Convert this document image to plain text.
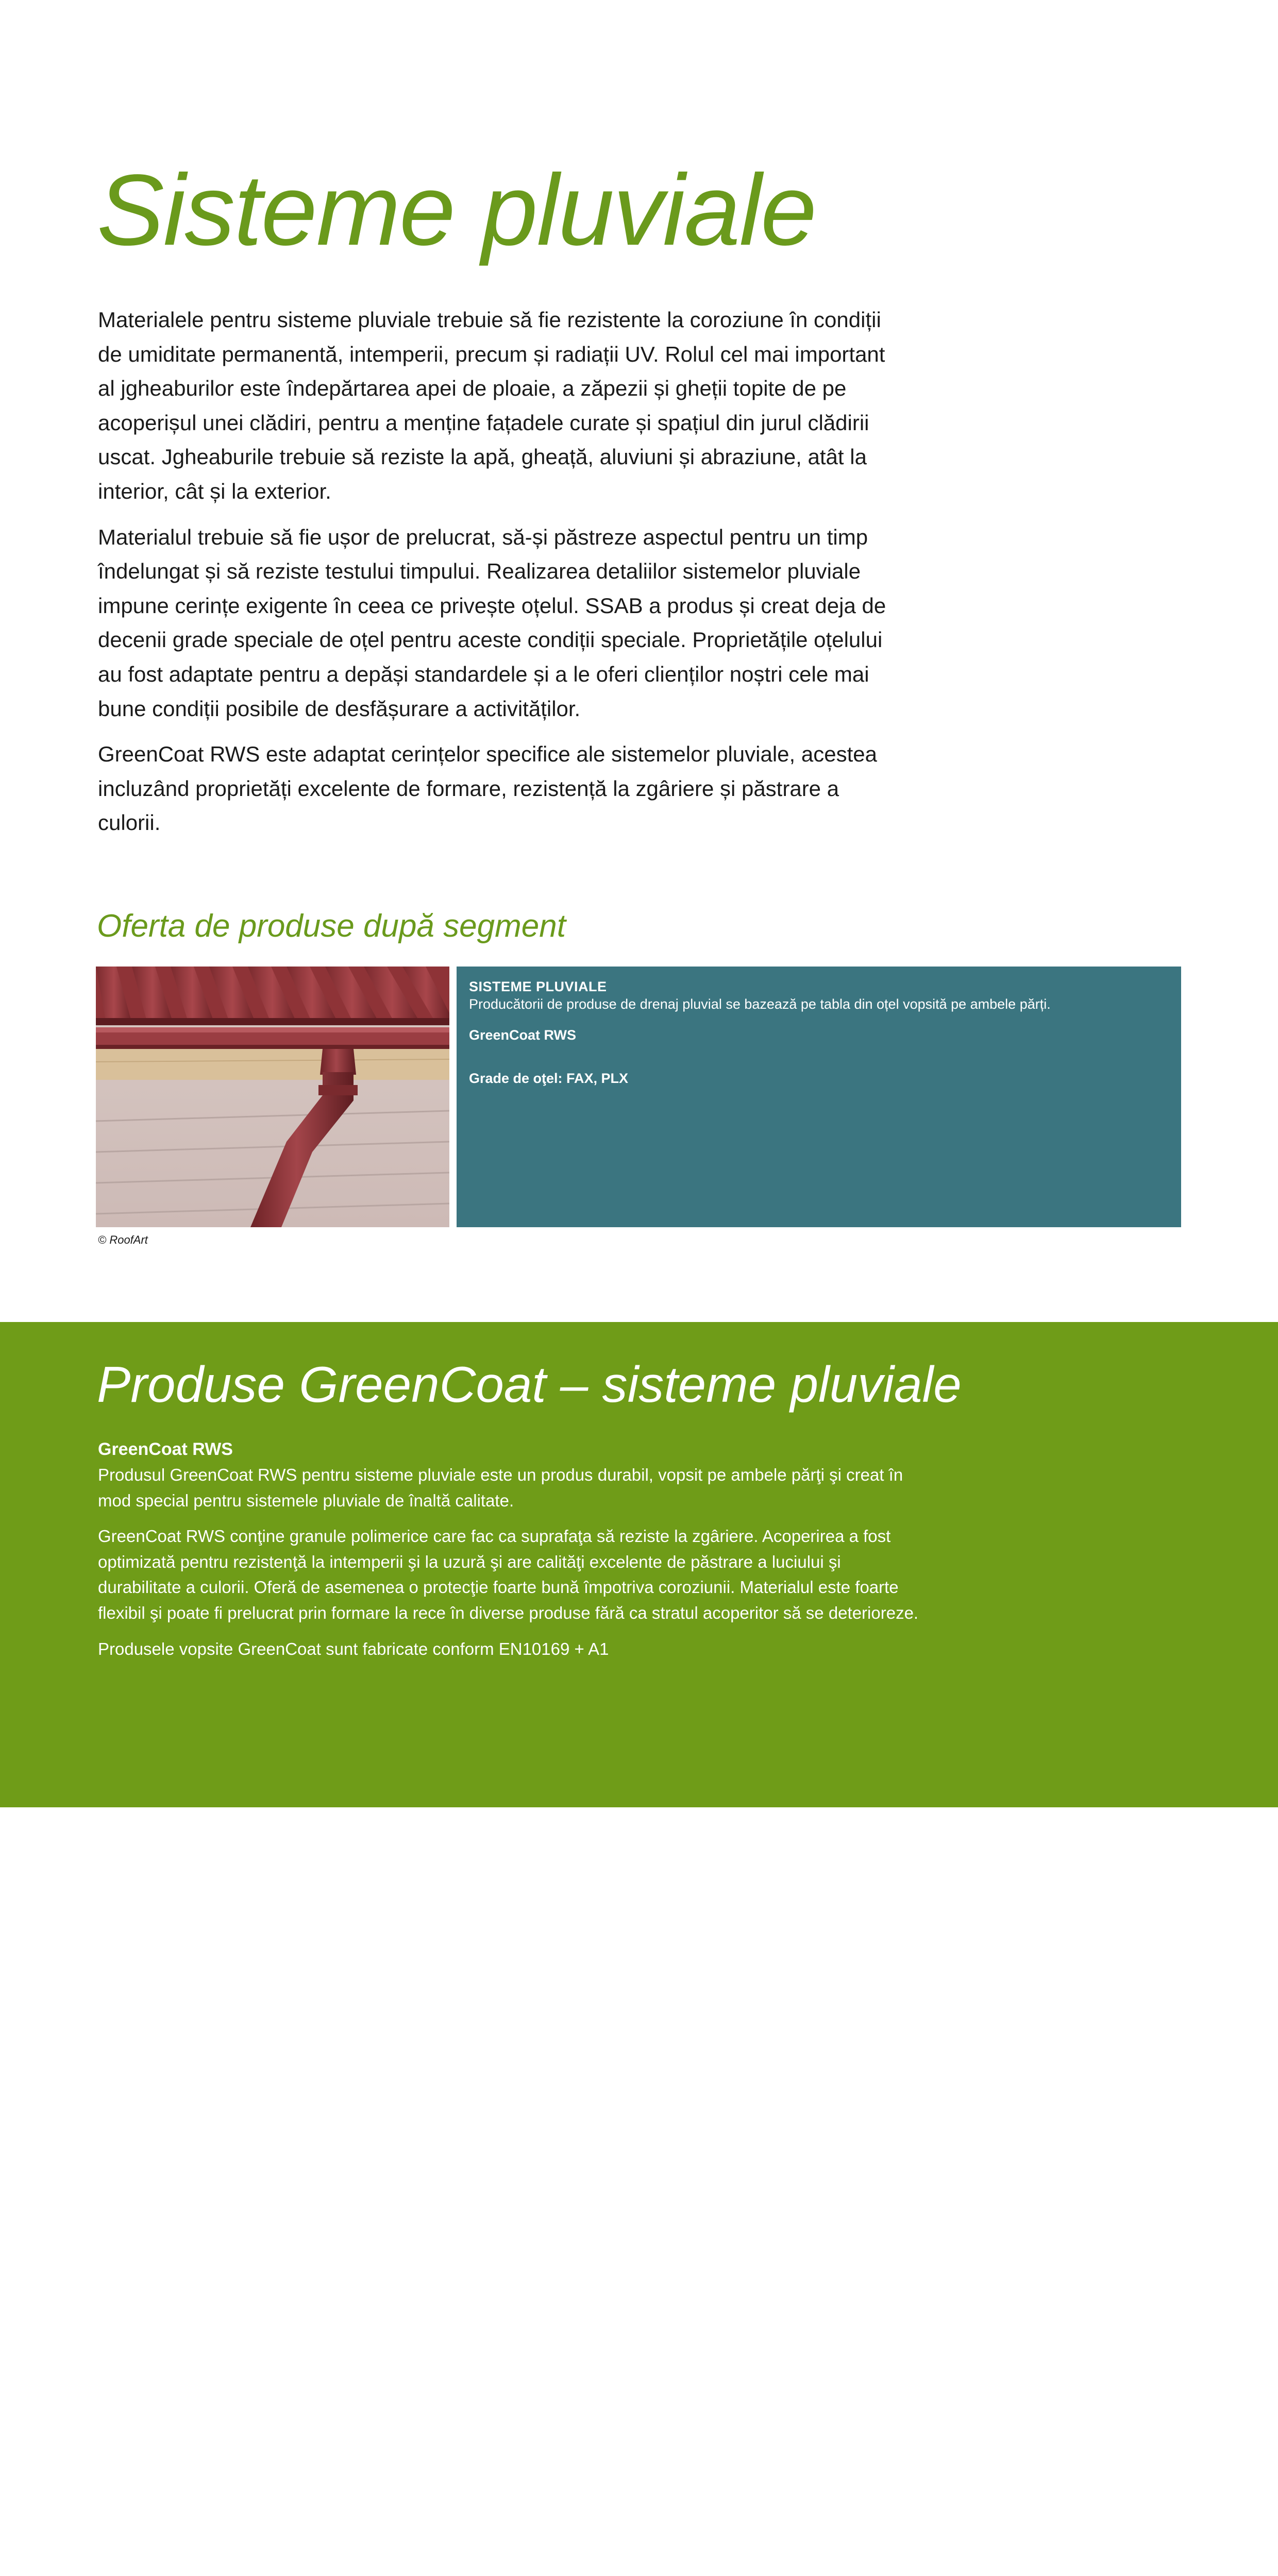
Sisteme pluviale

Materialele pentru sisteme pluviale trebuie să fie rezistente la coroziune în condiții de umiditate permanentă, intemperii, precum și radiații UV. Rolul cel mai important al jgheaburilor este îndepărtarea apei de ploaie, a zăpezii și gheții topite de pe acoperișul unei clădiri, pentru a menține fațadele curate și spațiul din jurul clădirii uscat. Jgheaburile trebuie să reziste la apă, gheață, aluviuni și abraziune, atât la interior, cât și la exterior.

Materialul trebuie să fie ușor de prelucrat, să-și păstreze aspectul pentru un timp îndelungat și să reziste testului timpului. Realizarea detaliilor sistemelor pluviale impune cerințe exigente în ceea ce privește oțelul. SSAB a produs și creat deja de decenii grade speciale de oțel pentru aceste condiții speciale. Proprietățile oțelului au fost adaptate pentru a depăși standardele și a le oferi clienților noștri cele mai bune condiții posibile de desfășurare a activităților.

GreenCoat RWS este adaptat cerințelor specifice ale sistemelor pluviale, acestea incluzând proprietăți excelente de formare, rezistență la zgâriere și păstrare a culorii.

Oferta de produse după segment
© RoofArt
SISTEME PLUVIALE
Producătorii de produse de drenaj pluvial se bazează pe tabla din oțel vopsită pe ambele părți.
GreenCoat RWS
Grade de oţel: FAX, PLX
Produse GreenCoat – sisteme pluviale
GreenCoat RWS

Produsul GreenCoat RWS pentru sisteme pluviale este un produs durabil, vopsit pe ambele părţi şi creat în mod special pentru sistemele pluviale de înaltă calitate.

GreenCoat RWS conţine granule polimerice care fac ca suprafaţa să reziste la zgâriere. Acoperirea a fost optimizată pentru rezistenţă la intemperii şi la uzură şi are calităţi excelente de păstrare a luciului şi durabilitate a culorii. Oferă de asemenea o protecţie foarte bună împotriva coroziunii. Materialul este foarte flexibil şi poate fi prelucrat prin formare la rece în diverse produse fără ca stratul acoperitor să se deterioreze.

Produsele vopsite GreenCoat sunt fabricate conform EN10169 + A1
